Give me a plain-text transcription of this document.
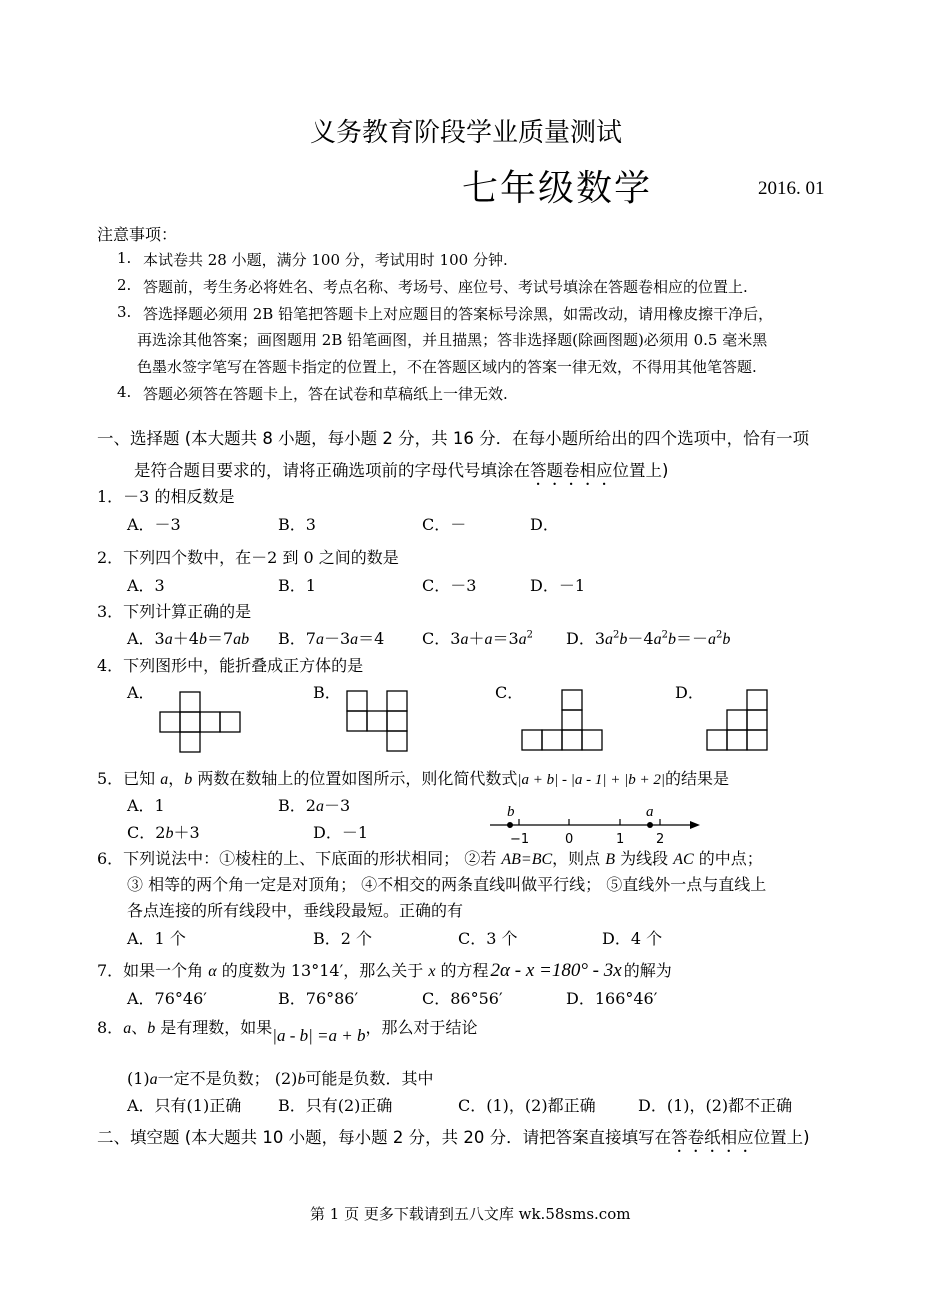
义务教育阶段学业质量测试
七年级数学	2016. 01
注意事项：
1. 本试卷共 28 小题，满分 100 分，考试用时 100 分钟.
2. 答题前，考生务必将姓名、考点名称、考场号、座位号、考试号填涂在答题卷相应的位置上.
3. 答选择题必须用 2B 铅笔把答题卡上对应题目的答案标号涂黑，如需改动，请用橡皮擦干净后，
再选涂其他答案；画图题用 2B 铅笔画图，并且描黑；答非选择题(除画图题)必须用 0.5 毫米黑
色墨水签字笔写在答题卡指定的位置上，不在答题区域内的答案一律无效，不得用其他笔答题.
4. 答题必须答在答题卡上，答在试卷和草稿纸上一律无效.
一、选择题 (本大题共 8 小题，每小题 2 分，共 16 分．在每小题所给出的四个选项中，恰有一项
是符合题目要求的，请将正确选项前的字母代号填涂在答题卷相应位置上)
1．－3 的相反数是
A．－3	B．3	C．－	D．
2．下列四个数中，在－2 到 0 之间的数是
A．3	B．1	C．－3	D．－1
3．下列计算正确的是
A．3a＋4b＝7ab B．7a－3a＝4 C．$3a+a=3a^2$ D．$3a^2b-4a^2b=-a^2b$
4．下列图形中，能折叠成正方体的是
A．	B．	C．	D．
5．已知 a，b 两数在数轴上的位置如图所示，则化简代数式|a + b| - |a - 1| + |b + 2|的结果是
A．1	B．2a－3
C．2b＋3	D．－1
b	a
−1	0	1 2
6．下列说法中：①棱柱的上、下底面的形状相同； ②若 AB=BC，则点 B 为线段 AC 的中点；
③ 相等的两个角一定是对顶角； ④不相交的两条直线叫做平行线； ⑤直线外一点与直线上
各点连接的所有线段中，垂线段最短。正确的有
A．1 个	B．2 个	C．3 个	D．4 个
7．如果一个角 α 的度数为 13°14′，那么关于 x 的方程 2α - x =180° - 3x 的解为
A．76°46′	B．76°86′	C．86°56′	D．166°46′
8．a、b 是有理数，如果|a - b| =a + b，那么对于结论
(1)a一定不是负数； (2)b可能是负数．其中
A．只有(1)正确 B．只有(2)正确	C．(1)，(2)都正确	D．(1)，(2)都不正确
二、填空题 (本大题共 10 小题，每小题 2 分，共 20 分．请把答案直接填写在答卷纸相应位置上)
第 1 页 更多下载请到五八文库 wk.58sms.com
